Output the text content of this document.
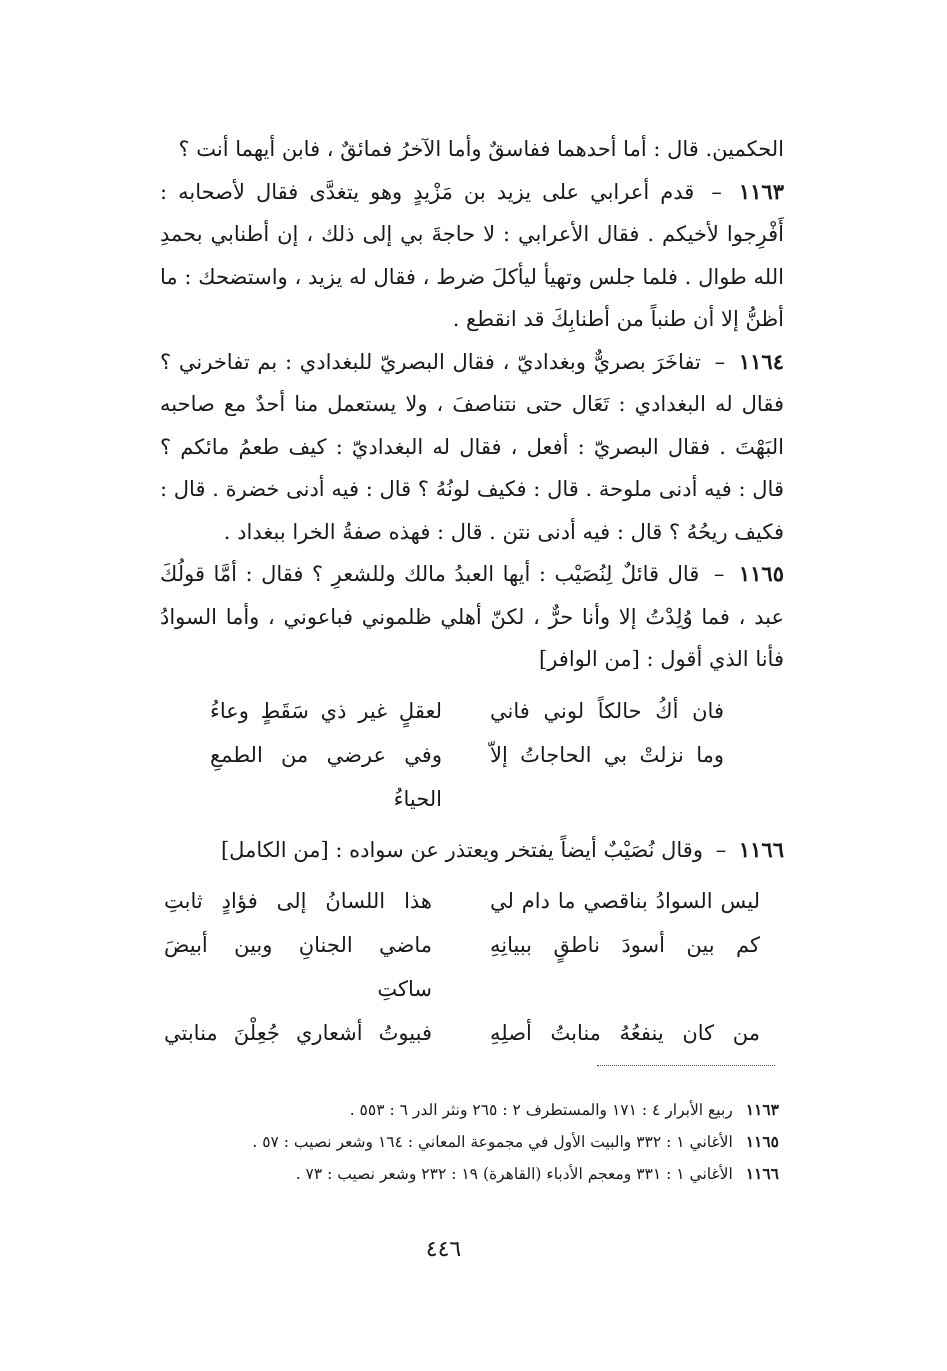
الحكمين. قال : أما أحدهما ففاسقٌ وأما الآخرُ فمائقٌ ، فابن أيهما أنت ؟

١١٦٣ – قدم أعرابي على يزيد بن مَزْيدٍ وهو يتغدَّى فقال لأصحابه : أَفْرِجوا لأخيكم . فقال الأعرابي : لا حاجةَ بي إلى ذلك ، إن أطنابي بحمدِ الله طوال . فلما جلس وتهيأ ليأكلَ ضرط ، فقال له يزيد ، واستضحك : ما أظنُّ إلا أن طنباً من أطنابِكَ قد انقطع .

١١٦٤ – تفاخَرَ بصريٌّ وبغداديّ ، فقال البصريّ للبغدادي : بم تفاخرني ؟ فقال له البغدادي : تَعَال حتى نتناصفَ ، ولا يستعمل منا أحدٌ مع صاحبه البَهْتَ . فقال البصريّ : أفعل ، فقال له البغداديّ : كيف طعمُ مائكم ؟ قال : فيه أدنى ملوحة . قال : فكيف لونُهُ ؟ قال : فيه أدنى خضرة . قال : فكيف ريحُهُ ؟ قال : فيه أدنى نتن . قال : فهذه صفةُ الخرا ببغداد .

١١٦٥ – قال قائلٌ لِنُصَيْب : أيها العبدُ مالك وللشعرِ ؟ فقال : أمَّا قولُكَ عبد ، فما وُلِدْتُ إلا وأنا حرٌّ ، لكنّ أهلي ظلموني فباعوني ، وأما السوادُ فأنا الذي أقول : [من الوافر]

فان أكُ حالكاً لوني فاني
لعقلٍ غير ذي سَقَطٍ وعاءُ
وما نزلتْ بي الحاجاتُ إلاّ
وفي عرضي من الطمعِ الحياءُ

١١٦٦ – وقال نُصَيْبٌ أيضاً يفتخر ويعتذر عن سواده : [من الكامل]

ليس السوادُ بناقصي ما دام لي
هذا اللسانُ إلى فؤادٍ ثابتِ
كم بين أسودَ ناطقٍ ببيانِهِ
ماضي الجنانِ وبين أبيضَ ساكتِ
من كان ينفعُهُ منابتُ أصلِهِ
فبيوتُ أشعاري جُعِلْنَ منابتي

١١٦٣ ربيع الأبرار ٤ : ١٧١ والمستطرف ٢ : ٢٦٥ ونثر الدر ٦ : ٥٥٣ .

١١٦٥ الأغاني ١ : ٣٣٢ والبيت الأول في مجموعة المعاني : ١٦٤ وشعر نصيب : ٥٧ .

١١٦٦ الأغاني ١ : ٣٣١ ومعجم الأدباء (القاهرة) ١٩ : ٢٣٢ وشعر نصيب : ٧٣ .

٤٤٦
